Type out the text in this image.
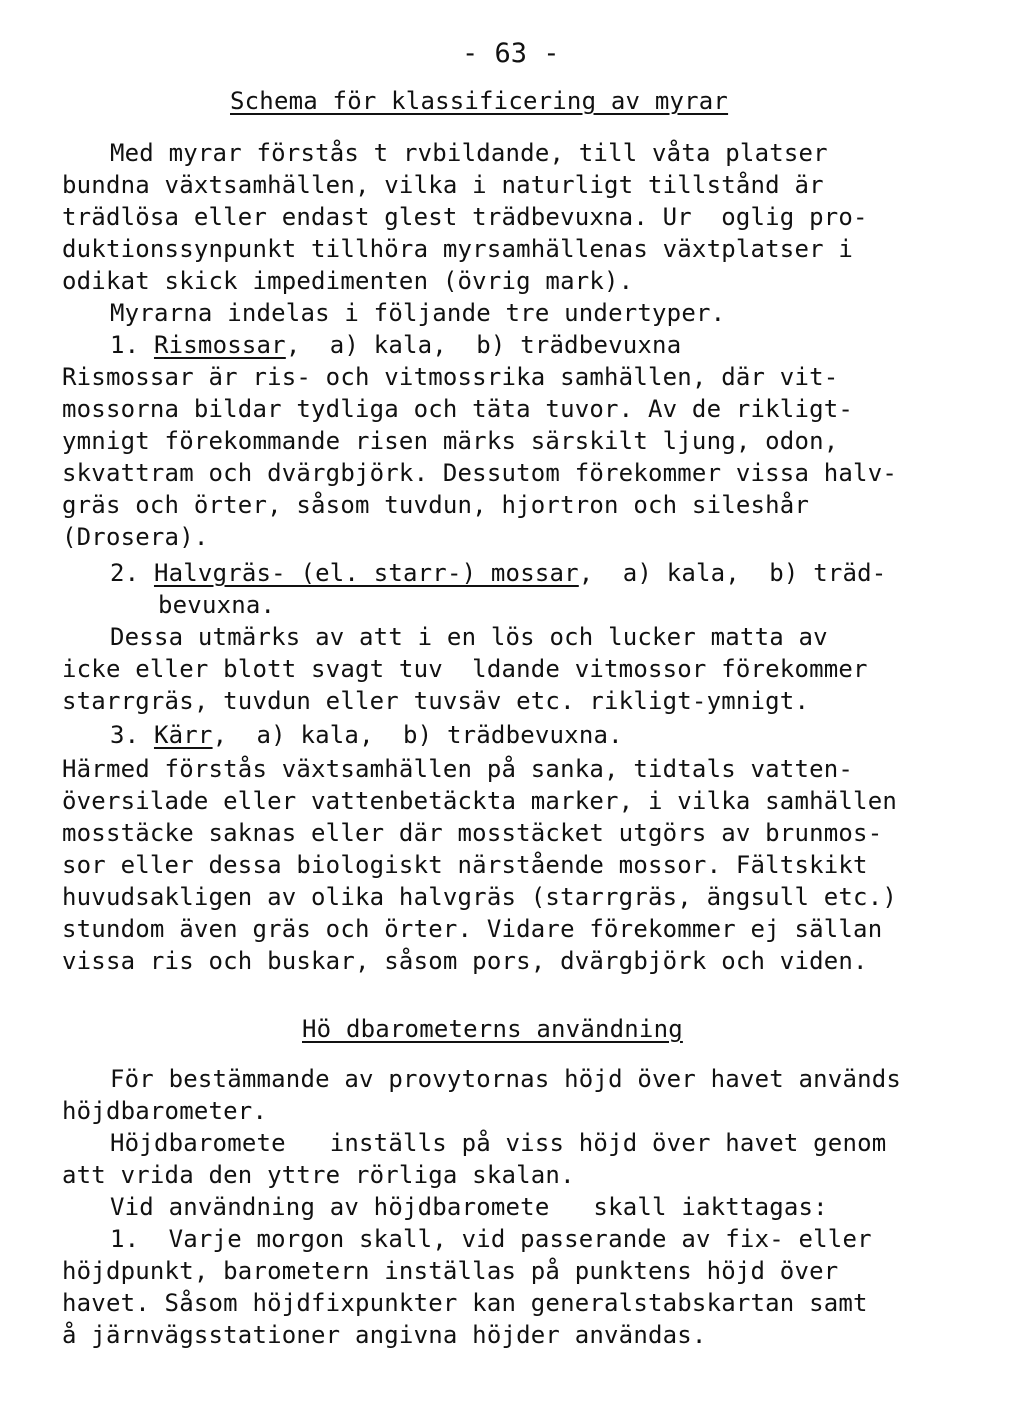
- 63 -
Schema för klassificering av myrar
Med myrar förstås t rvbildande, till våta platser
bundna växtsamhällen, vilka i naturligt tillstånd är
trädlösa eller endast glest trädbevuxna. Ur  oglig pro-
duktionssynpunkt tillhöra myrsamhällenas växtplatser i
odikat skick impedimenten (övrig mark).
Myrarna indelas i följande tre undertyper.
1. Rismossar,  a) kala,  b) trädbevuxna
Rismossar är ris- och vitmossrika samhällen, där vit-
mossorna bildar tydliga och täta tuvor. Av de rikligt-
ymnigt förekommande risen märks särskilt ljung, odon,
skvattram och dvärgbjörk. Dessutom förekommer vissa halv-
gräs och örter, såsom tuvdun, hjortron och sileshår
(Drosera).
2. Halvgräs- (el. starr-) mossar,  a) kala,  b) träd-
bevuxna.
Dessa utmärks av att i en lös och lucker matta av
icke eller blott svagt tuv  ldande vitmossor förekommer
starrgräs, tuvdun eller tuvsäv etc. rikligt-ymnigt.
3. Kärr,  a) kala,  b) trädbevuxna.
Härmed förstås växtsamhällen på sanka, tidtals vatten-
översilade eller vattenbetäckta marker, i vilka samhällen
mosstäcke saknas eller där mosstäcket utgörs av brunmos-
sor eller dessa biologiskt närstående mossor. Fältskikt
huvudsakligen av olika halvgräs (starrgräs, ängsull etc.)
stundom även gräs och örter. Vidare förekommer ej sällan
vissa ris och buskar, såsom pors, dvärgbjörk och viden.
Hö dbarometerns användning
För bestämmande av provytornas höjd över havet används
höjdbarometer.
Höjdbaromete   inställs på viss höjd över havet genom
att vrida den yttre rörliga skalan.
Vid användning av höjdbaromete   skall iakttagas:
1.  Varje morgon skall, vid passerande av fix- eller
höjdpunkt, barometern inställas på punktens höjd över
havet. Såsom höjdfixpunkter kan generalstabskartan samt
å järnvägsstationer angivna höjder användas.
